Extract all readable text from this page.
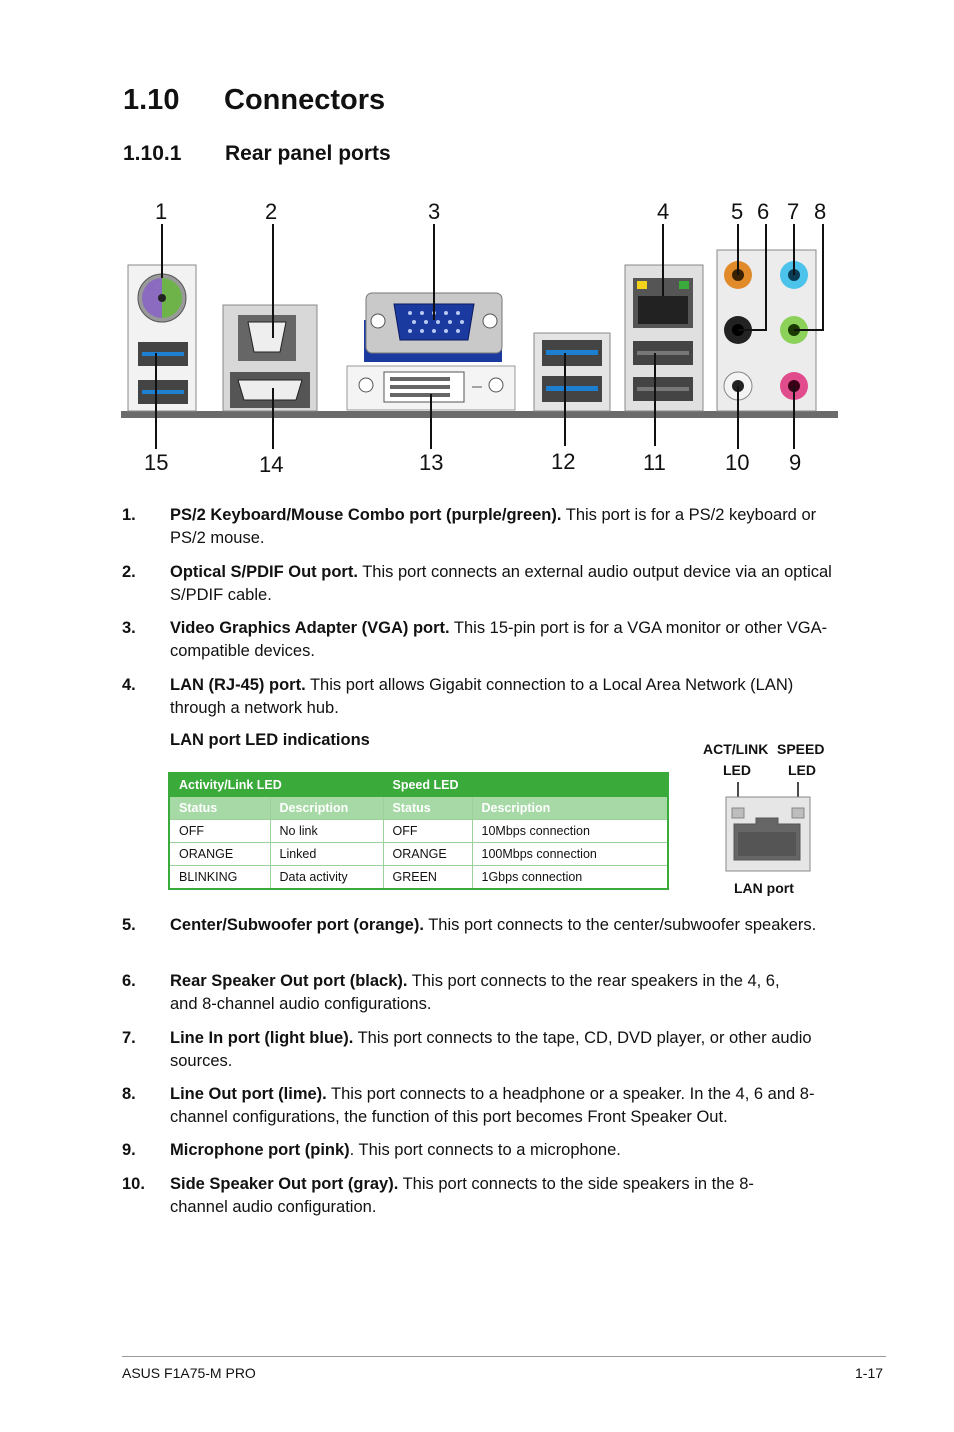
1.10 Connectors
1.10.1 Rear panel ports
1	2	3	4	5 6 7 8
15	14	13	12	11	10 9
1. PS/2 Keyboard/Mouse Combo port (purple/green). This port is for a PS/2 keyboard or PS/2 mouse.
2. Optical S/PDIF Out port. This port connects an external audio output device via an optical S/PDIF cable.
3. Video Graphics Adapter (VGA) port. This 15-pin port is for a VGA monitor or other VGA-compatible devices.
4. LAN (RJ-45) port. This port allows Gigabit connection to a Local Area Network (LAN) through a network hub.
LAN port LED indications
Activity/Link LED		Speed LED	
Status	Description	Status	Description
OFF	No link	OFF	10Mbps connection
ORANGE	Linked	ORANGE	100Mbps connection
BLINKING	Data activity	GREEN	1Gbps connection
ACT/LINK SPEED
LED	LED
LAN port
5. Center/Subwoofer port (orange). This port connects to the center/subwoofer speakers.
6. Rear Speaker Out port (black). This port connects to the rear speakers in the 4, 6, and 8-channel audio configurations.
7. Line In port (light blue). This port connects to the tape, CD, DVD player, or other audio sources.
8. Line Out port (lime). This port connects to a headphone or a speaker. In the 4, 6 and 8-channel configurations, the function of this port becomes Front Speaker Out.
9. Microphone port (pink). This port connects to a microphone.
10. Side Speaker Out port (gray). This port connects to the side speakers in the 8-channel audio configuration.
ASUS F1A75-M PRO	1-17
